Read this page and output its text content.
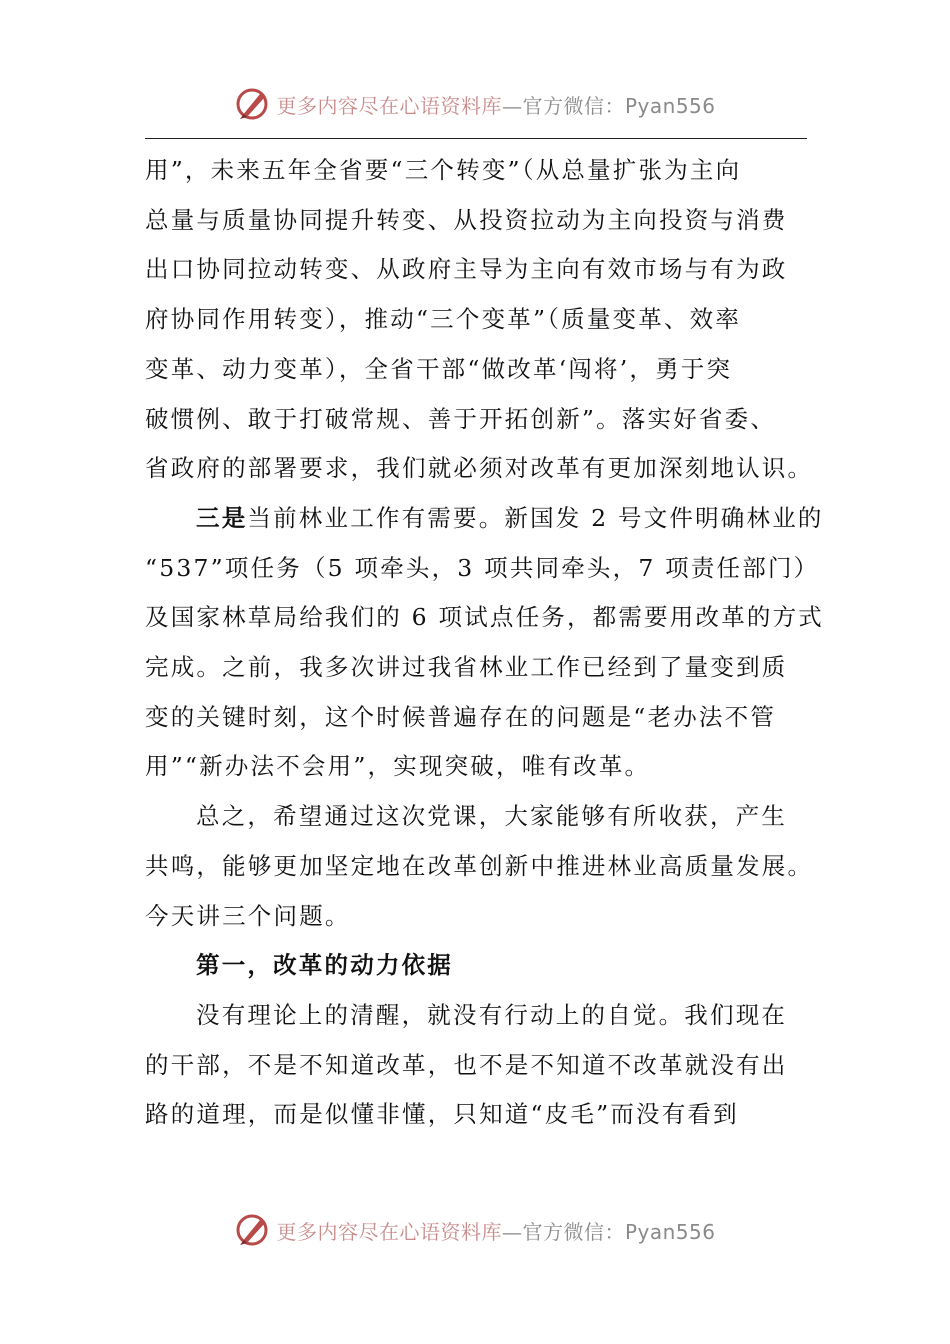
更多内容尽在心语资料库—官方微信：Pyan556

用”，未来五年全省要“三个转变”（从总量扩张为主向
总量与质量协同提升转变、从投资拉动为主向投资与消费
出口协同拉动转变、从政府主导为主向有效市场与有为政
府协同作用转变），推动“三个变革”（质量变革、效率
变革、动力变革），全省干部“做改革‘闯将’，勇于突
破惯例、敢于打破常规、善于开拓创新”。落实好省委、
省政府的部署要求，我们就必须对改革有更加深刻地认识。

三是当前林业工作有需要。新国发 2 号文件明确林业的
“537”项任务（5 项牵头，3 项共同牵头，7 项责任部门）
及国家林草局给我们的 6 项试点任务，都需要用改革的方式
完成。之前，我多次讲过我省林业工作已经到了量变到质
变的关键时刻，这个时候普遍存在的问题是“老办法不管
用”“新办法不会用”，实现突破，唯有改革。

总之，希望通过这次党课，大家能够有所收获，产生
共鸣，能够更加坚定地在改革创新中推进林业高质量发展。
今天讲三个问题。

第一，改革的动力依据

没有理论上的清醒，就没有行动上的自觉。我们现在
的干部，不是不知道改革，也不是不知道不改革就没有出
路的道理，而是似懂非懂，只知道“皮毛”而没有看到

更多内容尽在心语资料库—官方微信：Pyan556
